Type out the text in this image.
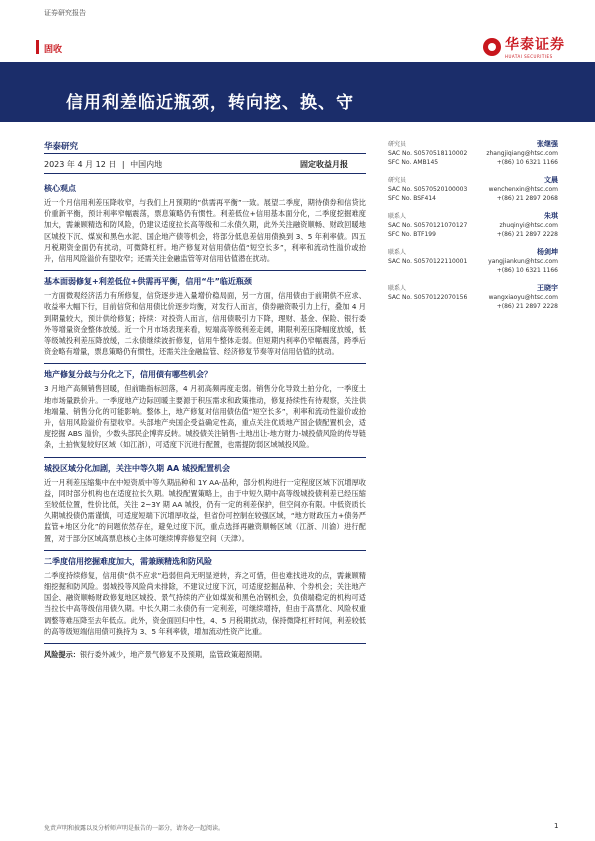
证券研究报告
固收	华泰证券
HUATAI SECURITIES
信用利差临近瓶颈，转向挖、换、守
华泰研究
2023 年 4 月 12 日 | 中国内地	固定收益月报
核心观点

近一个月信用利差压降收窄，与我们上月预期的“供需再平衡”一致。展望二季度，期待债券和信贷比价重新平衡，预计利率窄幅震荡，票息策略仍有惯性。利差低位+信用基本面分化，二季度挖掘难度加大，需兼顾精选和防风险，仍建议适度拉长高等级和二永债久期，此外关注融资顺畅、财政回暖地区城投下沉、煤炭和黑色水泥、国企地产债等机会，将部分低息差信用债换到 3、5 年利率债。四五月税期资金面仍有扰动，可微降杠杆。地产修复对信用债估值“短空长多”，利率和流动性溢价或抬升，信用风险溢价有望收窄；还需关注金融监管等对信用估值潜在扰动。

基本面弱修复+利差低位+供需再平衡，信用“牛”临近瓶颈

一方面微观经济活力有所修复，信贷逐步进入量增价稳局面，另一方面，信用债由于前期供不应求、收益率大幅下行，目前信贷和信用债比价逐步均衡，对发行人而言，债券融资吸引力上行，叠加 4 月到期量较大，预计供给修复；持续：对投资人而言，信用债吸引力下降，理财、基金、保险、银行委外等增量资金整体放缓。近一个月市场表现来看，短端高等级利差走阔，期限利差压降幅度放缓，低等级城投利差压降放缓，二永债继续波折修复，信用牛整体走弱。但短期内利率仍窄幅震荡，跨季后资金略有增量，票息策略仍有惯性，还需关注金融监管、经济修复节奏等对信用估值的扰动。

地产修复分歧与分化之下，信用债有哪些机会？

3 月地产高频销售回暖，但前瞻指标回落，4 月初高频再度走弱。销售分化导致土拍分化，一季度土地市场量跌价升。一季度地产边际回暖主要源于积压需求和政策推动，修复持续性有待观察，关注供地端量、销售分化的可能影响。整体上，地产修复对信用债估值“短空长多”，利率和流动性溢价或抬升，信用风险溢价有望收窄。头部地产央国企受益确定性高，重点关注优质地产国企债配置机会，适度挖掘 ABS 溢价，少数头部民企博弈反转。城投债关注销售-土地出让-地方财力-城投债风险的传导链条，土拍恢复较好区域（如江浙），可适度下沉进行配置，也需提防弱区域城投风险。

城投区域分化加剧，关注中等久期 AA 城投配置机会

近一月利差压缩集中在中短资质中等久期品种和 1Y AA-品种，部分机构进行一定程度区域下沉增厚收益，同时部分机构也在适度拉长久期。城投配置策略上，由于中短久期中高等级城投债利差已经压缩至较低位置，性价比低，关注 2~3Y 期 AA 城投，仍有一定的利差保护，但空间亦有限。中低资质长久期城投债仍需谨慎，可适度短端下沉增厚收益，但省份可控制在较强区域，“地方财政压力+债务严监管+地区分化”的问题依然存在，避免过度下沉，重点选择再融资顺畅区域（江浙、川渝）进行配置，对于部分区域高票息核心主体可继续博弈修复空间（天津）。

二季度信用挖掘难度加大，需兼顾精选和防风险

二季度持续修复，信用债“供不应求”趋弱但尚无明显逆转，弃之可惜，但也难找进攻的点，需兼顾精细挖掘和防风险。弱城投等风险尚未排除，不建议过度下沉，可适度挖掘品种、个券机会；关注地产国企、融资顺畅财政修复地区城投、景气持续的产业如煤炭和黑色冶钢机会，负债端稳定的机构可适当拉长中高等级信用债久期。中长久期二永债仍有一定利差，可继续增持，但由于高票化、风险权重调整等难压降至去年低点。此外，资金面回归中性，4、5 月税期扰动，保持微降杠杆时间，利差较低的高等级短端信用债可换持为 3、5 年利率债，增加流动性资产比重。

风险提示：银行委外减少，地产景气修复不及预期，监管政策超预期。

研究员	张继强
SAC No. S0570518110002	zhangjiqiang@htsc.com
SFC No. AMB145	+(86) 10 6321 1166
研究员	文晨
SAC No. S0570520100003	wenchenxin@htsc.com
SFC No. BSF414	+(86) 21 2897 2068
联系人	朱琪
SAC No. S0570121070127	zhuqinyi@htsc.com
SFC No. BTF199	+(86) 21 2897 2228
联系人	杨剑坤
SAC No. S0570122110001	yangjiankun@htsc.com
+(86) 10 6321 1166
联系人	王晓宇
SAC No. S0570122070156	wangxiaoyu@htsc.com
+(86) 21 2897 2228
免责声明和披露以及分析师声明是报告的一部分，请务必一起阅读。	1
